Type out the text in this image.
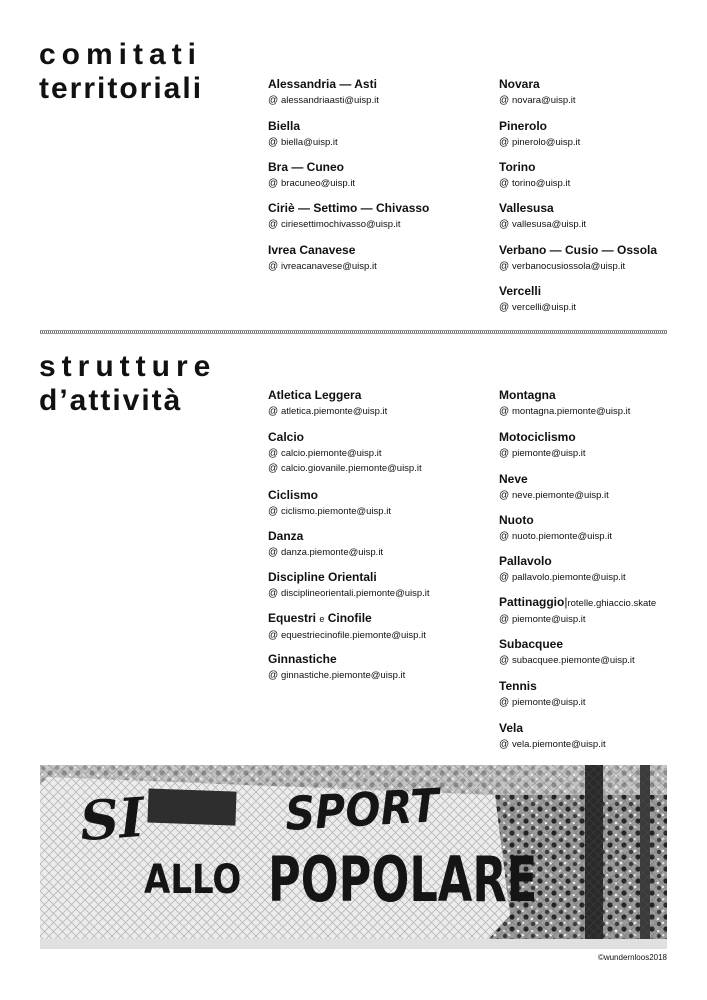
comitati
territoriali	Alessandria — Asti
@ alessandriaasti@uisp.it
Biella
@ biella@uisp.it
Bra — Cuneo
@ bracuneo@uisp.it
Ciriè — Settimo — Chivasso
@ ciriesettimochivasso@uisp.it
Ivrea Canavese
@ ivreacanavese@uisp.it
Novara
@ novara@uisp.it
Pinerolo
@ pinerolo@uisp.it
Torino
@ torino@uisp.it
Vallesusa
@ vallesusa@uisp.it
Verbano — Cusio — Ossola
@ verbanocusiossola@uisp.it
Vercelli
@ vercelli@uisp.it
strutture
d’attività	Atletica Leggera
@ atletica.piemonte@uisp.it
Calcio
@ calcio.piemonte@uisp.it
@ calcio.giovanile.piemonte@uisp.it
Ciclismo
@ ciclismo.piemonte@uisp.it
Danza
@ danza.piemonte@uisp.it
Discipline Orientali
@ disciplineorientali.piemonte@uisp.it
Equestri e Cinofile
@ equestriecinofile.piemonte@uisp.it
Ginnastiche
@ ginnastiche.piemonte@uisp.it
Montagna
@ montagna.piemonte@uisp.it
Motociclismo
@ piemonte@uisp.it
Neve
@ neve.piemonte@uisp.it
Nuoto
@ nuoto.piemonte@uisp.it
Pallavolo
@ pallavolo.piemonte@uisp.it
Pattinaggio|rotelle.ghiaccio.skate
@ piemonte@uisp.it
Subacquee
@ subacquee.piemonte@uisp.it
Tennis
@ piemonte@uisp.it
Vela
@ vela.piemonte@uisp.it
SI	SPORT
ALLO POPOLARE
©wundernloos2018
